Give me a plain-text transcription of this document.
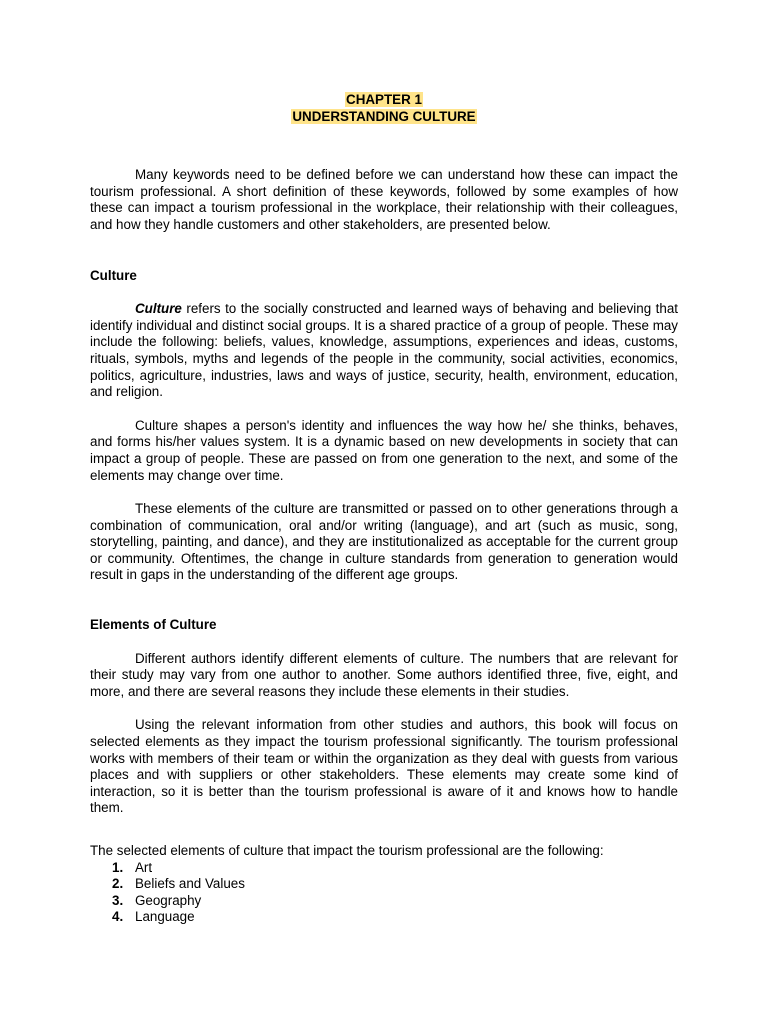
CHAPTER 1
UNDERSTANDING CULTURE

Many keywords need to be defined before we can understand how these can impact the tourism professional. A short definition of these keywords, followed by some examples of how these can impact a tourism professional in the workplace, their relationship with their colleagues, and how they handle customers and other stakeholders, are presented below.

Culture

Culture refers to the socially constructed and learned ways of behaving and believing that identify individual and distinct social groups. It is a shared practice of a group of people. These may include the following: beliefs, values, knowledge, assumptions, experiences and ideas, customs, rituals, symbols, myths and legends of the people in the community, social activities, economics, politics, agriculture, industries, laws and ways of justice, security, health, environment, education, and religion.

Culture shapes a person's identity and influences the way how he/ she thinks, behaves, and forms his/her values system. It is a dynamic based on new developments in society that can impact a group of people. These are passed on from one generation to the next, and some of the elements may change over time.

These elements of the culture are transmitted or passed on to other generations through a combination of communication, oral and/or writing (language), and art (such as music, song, storytelling, painting, and dance), and they are institutionalized as acceptable for the current group or community. Oftentimes, the change in culture standards from generation to generation would result in gaps in the understanding of the different age groups.

Elements of Culture

Different authors identify different elements of culture. The numbers that are relevant for their study may vary from one author to another. Some authors identified three, five, eight, and more, and there are several reasons they include these elements in their studies.

Using the relevant information from other studies and authors, this book will focus on selected elements as they impact the tourism professional significantly. The tourism professional works with members of their team or within the organization as they deal with guests from various places and with suppliers or other stakeholders. These elements may create some kind of interaction, so it is better than the tourism professional is aware of it and knows how to handle them.

The selected elements of culture that impact the tourism professional are the following:

1. Art
2. Beliefs and Values
3. Geography
4. Language
